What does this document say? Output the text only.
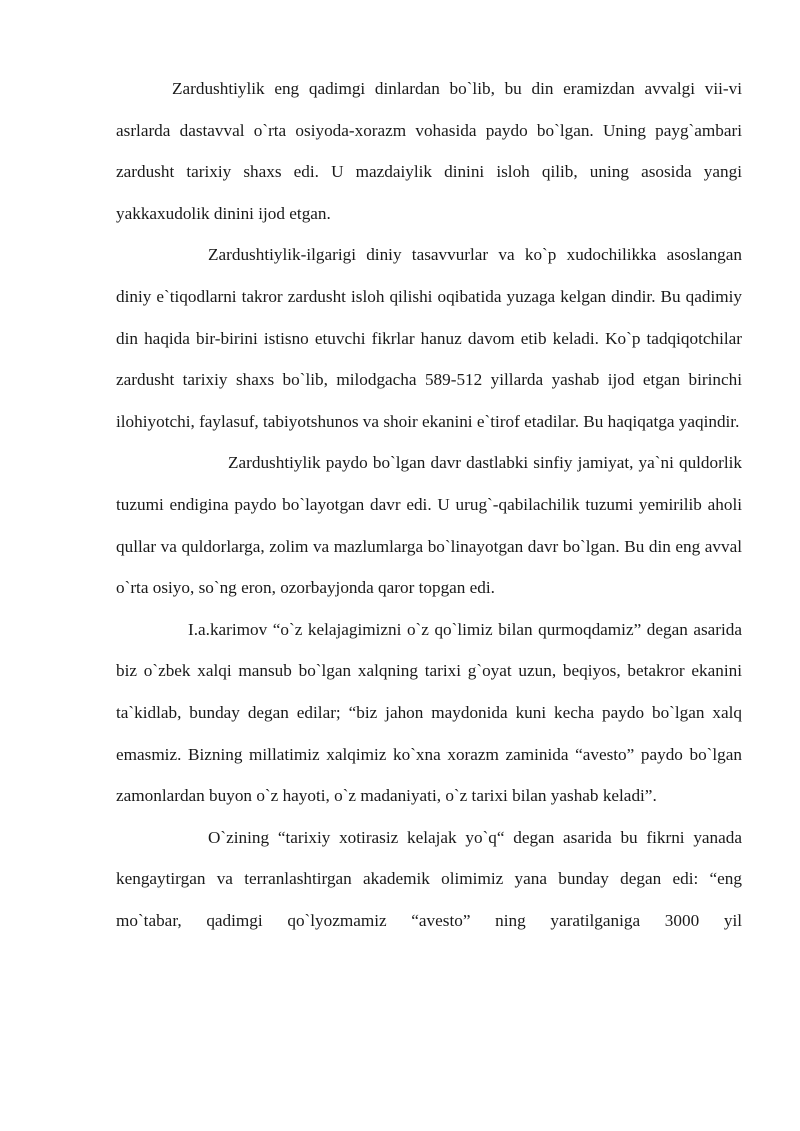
Zardushtiylik eng qadimgi dinlardan bo`lib, bu din eramizdan avvalgi vii-vi asrlarda dastavval o`rta osiyoda-xorazm vohasida paydo bo`lgan. Uning payg`ambari zardusht tarixiy shaxs edi. U mazdaiylik dinini isloh qilib, uning asosida yangi yakkaxudolik dinini ijod etgan.

Zardushtiylik-ilgarigi diniy tasavvurlar va ko`p xudochilikka asoslangan diniy e`tiqodlarni takror zardusht isloh qilishi oqibatida yuzaga kelgan dindir. Bu qadimiy din haqida bir-birini istisno etuvchi fikrlar hanuz davom etib keladi. Ko`p tadqiqotchilar zardusht tarixiy shaxs bo`lib, milodgacha 589-512 yillarda yashab ijod etgan birinchi ilohiyotchi, faylasuf, tabiyotshunos va shoir ekanini e`tirof etadilar. Bu haqiqatga yaqindir.

Zardushtiylik paydo bo`lgan davr dastlabki sinfiy jamiyat, ya`ni quldorlik tuzumi endigina paydo bo`layotgan davr edi. U urug`-qabilachilik tuzumi yemirilib aholi qullar va quldorlarga, zolim va mazlumlarga bo`linayotgan davr bo`lgan. Bu din eng avval o`rta osiyo, so`ng eron, ozorbayjonda qaror topgan edi.

I.a.karimov “o`z kelajagimizni o`z qo`limiz bilan qurmoqdamiz” degan asarida biz o`zbek xalqi mansub bo`lgan xalqning tarixi g`oyat uzun, beqiyos, betakror ekanini ta`kidlab, bunday degan edilar; “biz jahon maydonida kuni kecha paydo bo`lgan xalq emasmiz. Bizning millatimiz xalqimiz ko`xna xorazm zaminida “avesto” paydo bo`lgan zamonlardan buyon o`z hayoti, o`z madaniyati, o`z tarixi bilan yashab keladi”.

O`zining “tarixiy xotirasiz kelajak yo`q“ degan asarida bu fikrni yanada kengaytirgan va terranlashtirgan akademik olimimiz yana bunday degan edi: “eng mo`tabar, qadimgi qo`lyozmamiz “avesto” ning yaratilganiga 3000 yil
